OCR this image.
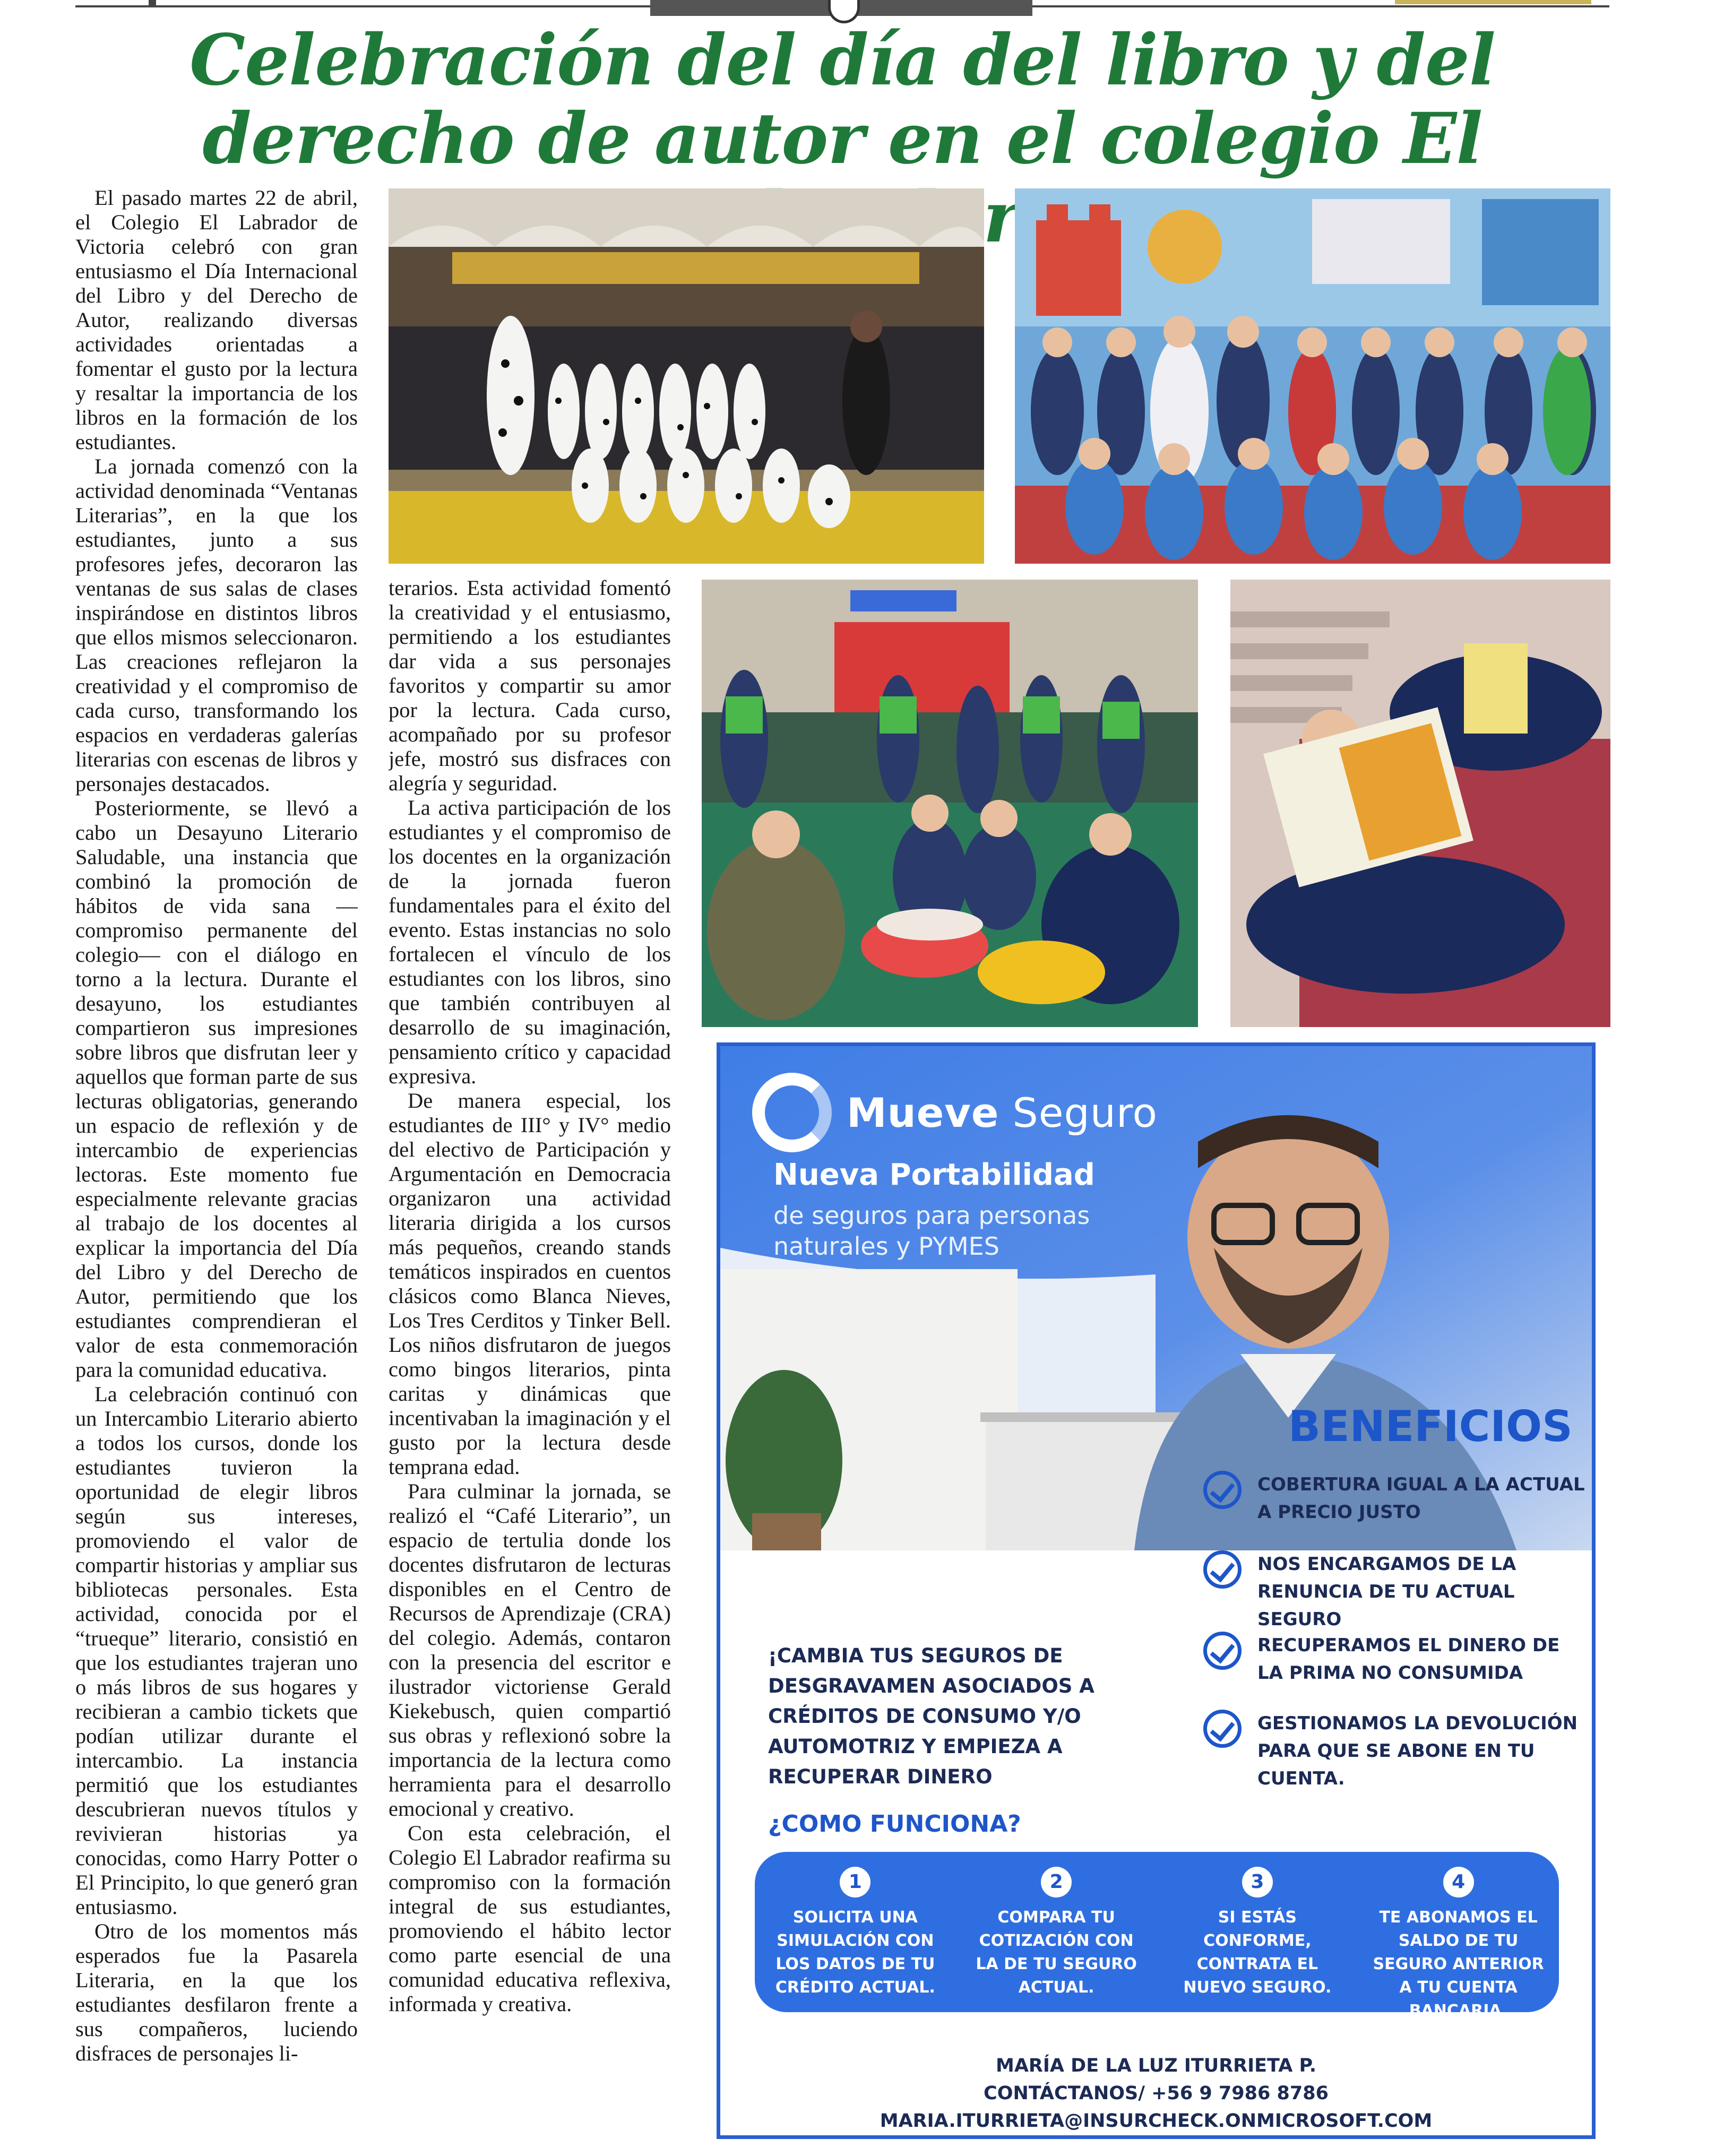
Celebración del día del libro y del
derecho de autor en el colegio El

El pasado martes 22 de abril, el Colegio El Labrador de Victoria celebró con gran entusiasmo el Día Internacional del Libro y del Derecho de Autor, realizando diversas actividades orientadas a fomentar el gusto por la lectura y resaltar la importancia de los libros en la formación de los estudiantes.

La jornada comenzó con la actividad denominada “Ventanas Literarias”, en la que los estudiantes, junto a sus profesores jefes, decoraron las ventanas de sus salas de clases inspirándose en distintos libros que ellos mismos seleccionaron. Las creaciones reflejaron la creatividad y el compromiso de cada curso, transformando los espacios en verdaderas galerías literarias con escenas de libros y personajes destacados.

Posteriormente, se llevó a cabo un Desayuno Literario Saludable, una instancia que combinó la promoción de hábitos de vida sana —compromiso permanente del colegio— con el diálogo en torno a la lectura. Durante el desayuno, los estudiantes compartieron sus impresiones sobre libros que disfrutan leer y aquellos que forman parte de sus lecturas obligatorias, generando un espacio de reflexión y de intercambio de experiencias lectoras. Este momento fue especialmente relevante gracias al trabajo de los docentes al explicar la importancia del Día del Libro y del Derecho de Autor, permitiendo que los estudiantes comprendieran el valor de esta conmemoración para la comunidad educativa.

La celebración continuó con un Intercambio Literario abierto a todos los cursos, donde los estudiantes tuvieron la oportunidad de elegir libros según sus intereses, promoviendo el valor de compartir historias y ampliar sus bibliotecas personales. Esta actividad, conocida por el “trueque” literario, consistió en que los estudiantes trajeran uno o más libros de sus hogares y recibieran a cambio tickets que podían utilizar durante el intercambio. La instancia permitió que los estudiantes descubrieran nuevos títulos y revivieran historias ya conocidas, como Harry Potter o El Principito, lo que generó gran entusiasmo.

Otro de los momentos más esperados fue la Pasarela Literaria, en la que los estudiantes desfilaron frente a sus compañeros, luciendo disfraces de personajes li-

terarios. Esta actividad fomentó la creatividad y el entusiasmo, permitiendo a los estudiantes dar vida a sus personajes favoritos y compartir su amor por la lectura. Cada curso, acompañado por su profesor jefe, mostró sus disfraces con alegría y seguridad.

La activa participación de los estudiantes y el compromiso de los docentes en la organización de la jornada fueron fundamentales para el éxito del evento. Estas instancias no solo fortalecen el vínculo de los estudiantes con los libros, sino que también contribuyen al desarrollo de su imaginación, pensamiento crítico y capacidad expresiva.

De manera especial, los estudiantes de III° y IV° medio del electivo de Participación y Argumentación en Democracia organizaron una actividad literaria dirigida a los cursos más pequeños, creando stands temáticos inspirados en cuentos clásicos como Blanca Nieves, Los Tres Cerditos y Tinker Bell. Los niños disfrutaron de juegos como bingos literarios, pinta caritas y dinámicas que incentivaban la imaginación y el gusto por la lectura desde temprana edad.

Para culminar la jornada, se realizó el “Café Literario”, un espacio de tertulia donde los docentes disfrutaron de lecturas disponibles en el Centro de Recursos de Aprendizaje (CRA) del colegio. Además, contaron con la presencia del escritor e ilustrador victoriense Gerald Kiekebusch, quien compartió sus obras y reflexionó sobre la importancia de la lectura como herramienta para el desarrollo emocional y creativo.

Con esta celebración, el Colegio El Labrador reafirma su compromiso con la formación integral de sus estudiantes, promoviendo el hábito lector como parte esencial de una comunidad educativa reflexiva, informada y creativa.

Mueve Seguro
Nueva Portabilidad
de seguros para personas naturales y PYMES
BENEFICIOS
COBERTURA IGUAL A LA ACTUAL A PRECIO JUSTO
NOS ENCARGAMOS DE LA RENUNCIA DE TU ACTUAL SEGURO
RECUPERAMOS EL DINERO DE LA PRIMA NO CONSUMIDA
GESTIONAMOS LA DEVOLUCIÓN PARA QUE SE ABONE EN TU CUENTA.
¡CAMBIA TUS SEGUROS DE DESGRAVAMEN ASOCIADOS A CRÉDITOS DE CONSUMO Y/O AUTOMOTRIZ Y EMPIEZA A RECUPERAR DINERO
¿COMO FUNCIONA?
1
SOLICITA UNA SIMULACIÓN CON LOS DATOS DE TU CRÉDITO ACTUAL.
2
COMPARA TU COTIZACIÓN CON LA DE TU SEGURO ACTUAL.
3
SI ESTÁS CONFORME, CONTRATA EL NUEVO SEGURO.
4
TE ABONAMOS EL SALDO DE TU SEGURO ANTERIOR A TU CUENTA BANCARIA.
MARÍA DE LA LUZ ITURRIETA P.
CONTÁCTANOS/ +56 9 7986 8786
MARIA.ITURRIETA@INSURCHECK.ONMICROSOFT.COM
